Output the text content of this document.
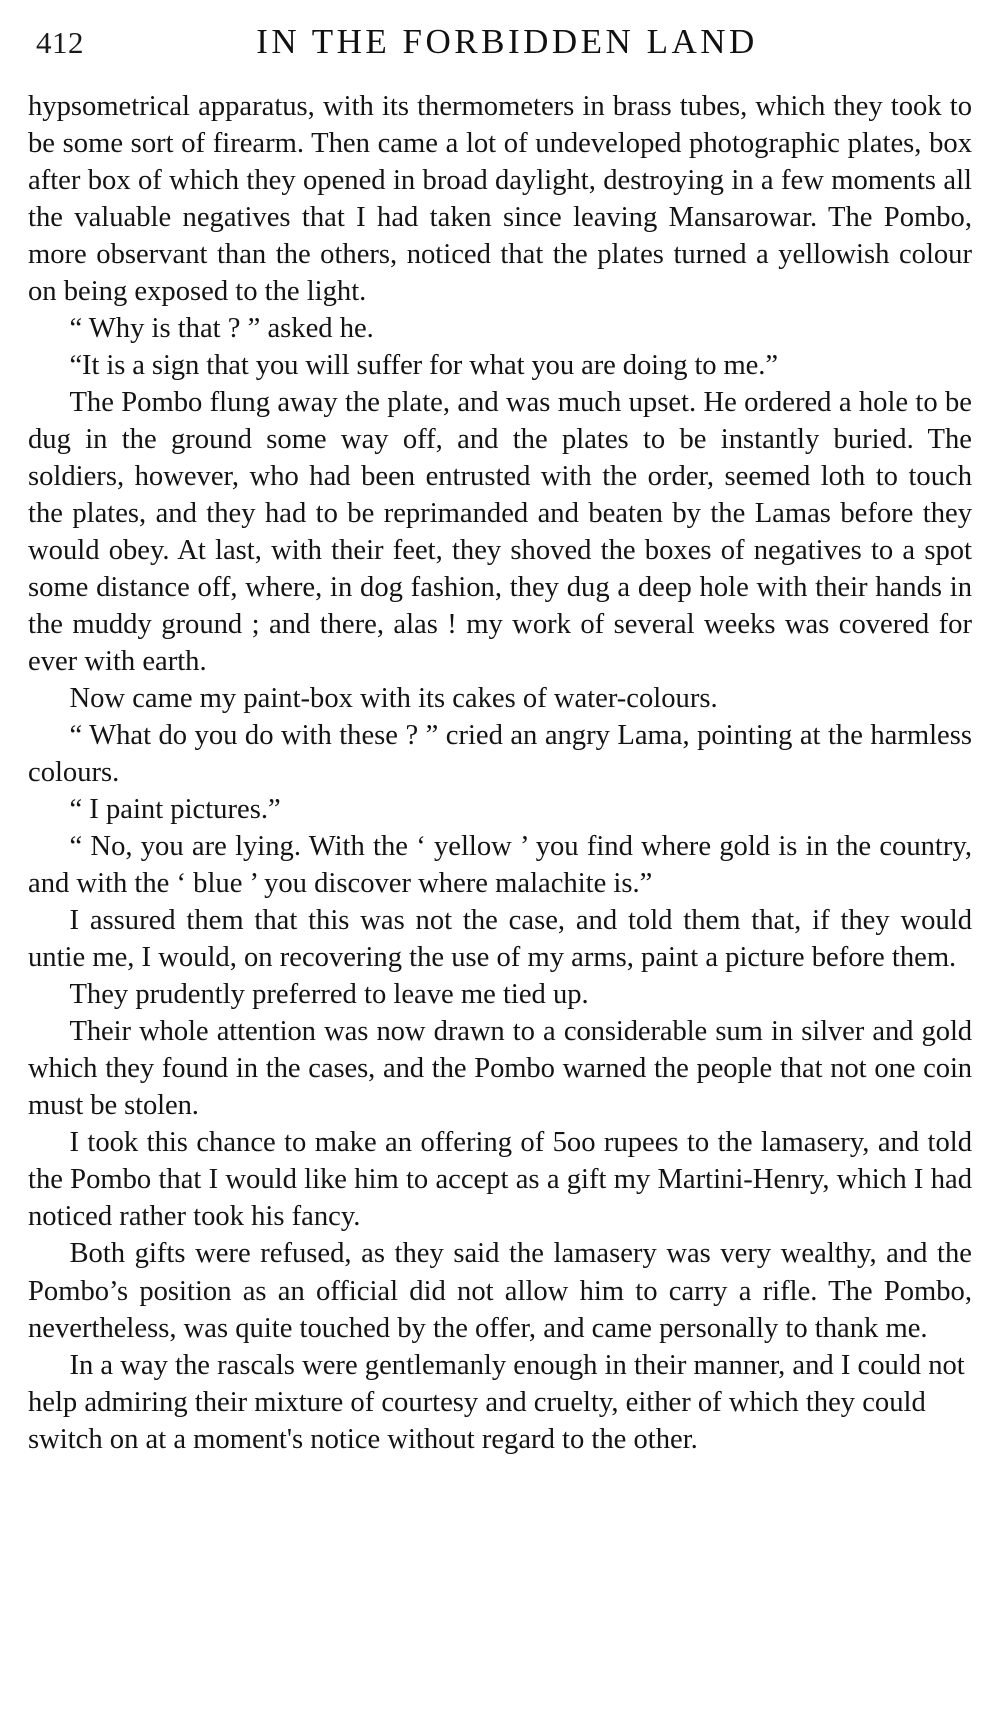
412	IN THE FORBIDDEN LAND

hypsometrical apparatus, with its thermometers in brass tubes, which they took to be some sort of firearm. Then came a lot of undeveloped photographic plates, box after box of which they opened in broad daylight, destroying in a few moments all the valuable negatives that I had taken since leaving Mansarowar. The Pombo, more observant than the others, noticed that the plates turned a yellowish colour on being exposed to the light.

“ Why is that ? ” asked he.

“It is a sign that you will suffer for what you are doing to me.”

The Pombo flung away the plate, and was much upset. He ordered a hole to be dug in the ground some way off, and the plates to be instantly buried. The soldiers, however, who had been entrusted with the order, seemed loth to touch the plates, and they had to be reprimanded and beaten by the Lamas before they would obey. At last, with their feet, they shoved the boxes of negatives to a spot some distance off, where, in dog fashion, they dug a deep hole with their hands in the muddy ground ; and there, alas ! my work of several weeks was covered for ever with earth.

Now came my paint-box with its cakes of water-colours.

“ What do you do with these ? ” cried an angry Lama, pointing at the harmless colours.

“ I paint pictures.”

“ No, you are lying. With the ‘ yellow ’ you find where gold is in the country, and with the ‘ blue ’ you discover where malachite is.”

I assured them that this was not the case, and told them that, if they would untie me, I would, on recovering the use of my arms, paint a picture before them.

They prudently preferred to leave me tied up.

Their whole attention was now drawn to a considerable sum in silver and gold which they found in the cases, and the Pombo warned the people that not one coin must be stolen.

I took this chance to make an offering of 5oo rupees to the lamasery, and told the Pombo that I would like him to accept as a gift my Martini-Henry, which I had noticed rather took his fancy.

Both gifts were refused, as they said the lamasery was very wealthy, and the Pombo’s position as an official did not allow him to carry a rifle. The Pombo, nevertheless, was quite touched by the offer, and came personally to thank me.

In a way the rascals were gentlemanly enough in their manner, and I could not help admiring their mixture of courtesy and cruelty, either of which they could switch on at a moment's notice without regard to the other.
